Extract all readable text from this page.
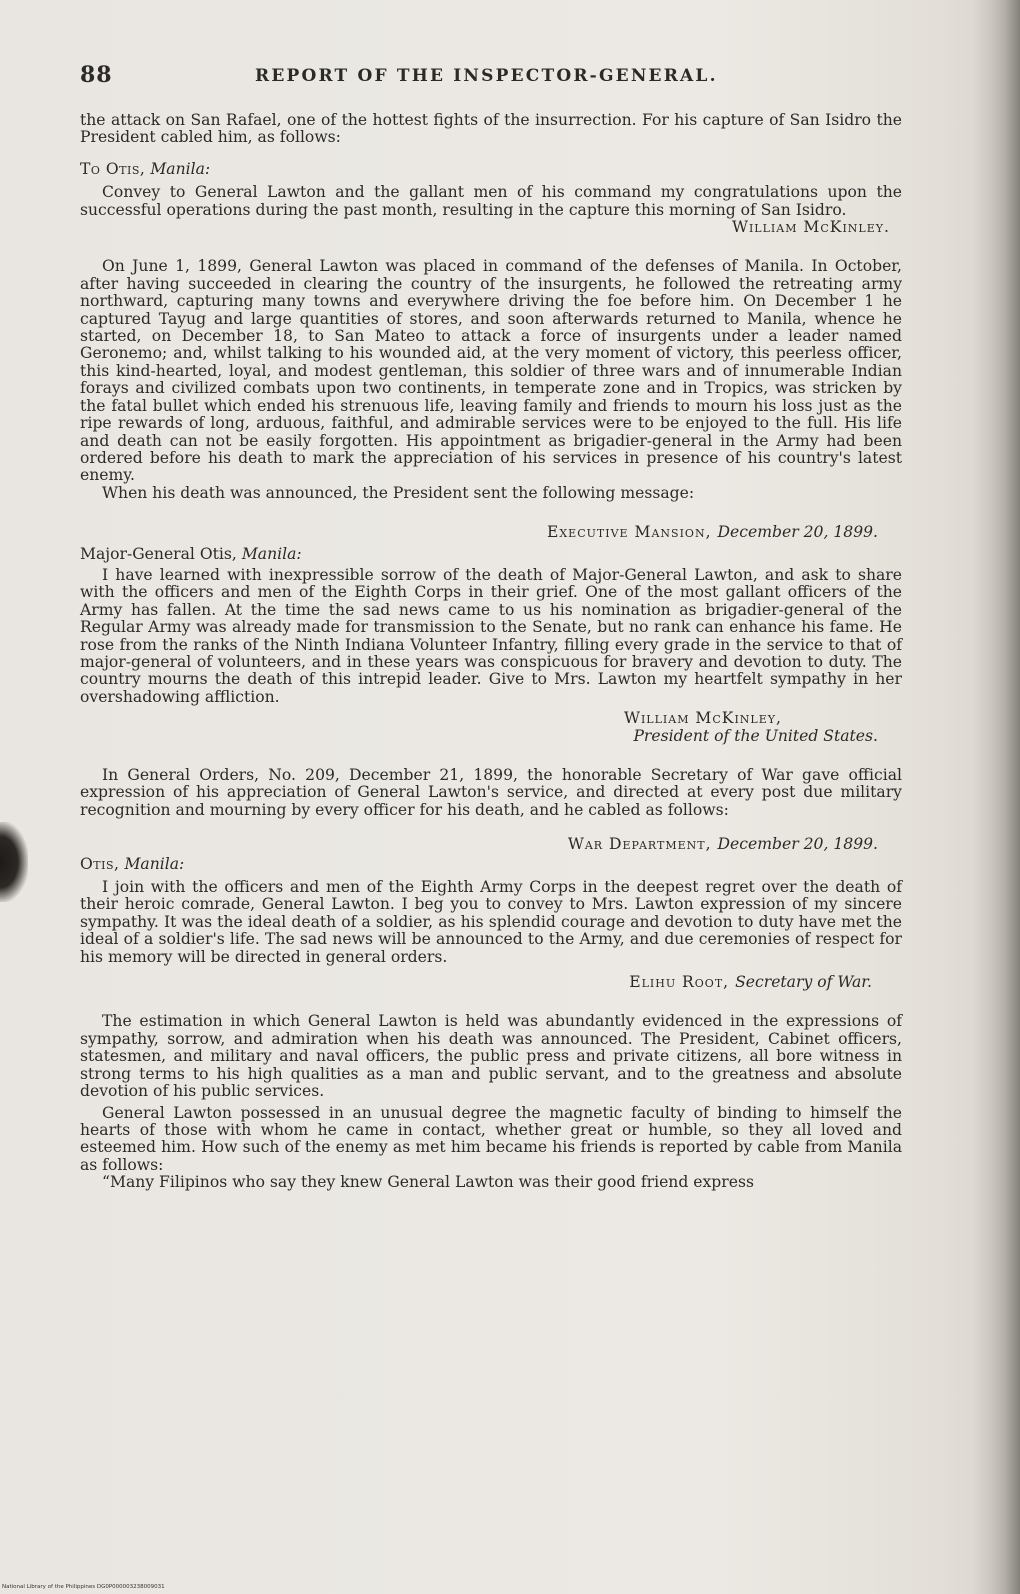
88	REPORT OF THE INSPECTOR-GENERAL.

the attack on San Rafael, one of the hottest fights of the insurrection. For his capture of San Isidro the President cabled him, as follows:

To Otis, Manila:

Convey to General Lawton and the gallant men of his command my congratulations upon the successful operations during the past month, resulting in the capture this morning of San Isidro.

William McKinley.

On June 1, 1899, General Lawton was placed in command of the defenses of Manila. In October, after having succeeded in clearing the country of the insurgents, he followed the retreating army northward, capturing many towns and everywhere driving the foe before him. On December 1 he captured Tayug and large quantities of stores, and soon afterwards returned to Manila, whence he started, on December 18, to San Mateo to attack a force of insurgents under a leader named Geronemo; and, whilst talking to his wounded aid, at the very moment of victory, this peerless officer, this kind-hearted, loyal, and modest gentleman, this soldier of three wars and of innumerable Indian forays and civilized combats upon two continents, in temperate zone and in Tropics, was stricken by the fatal bullet which ended his strenuous life, leaving family and friends to mourn his loss just as the ripe rewards of long, arduous, faithful, and admirable services were to be enjoyed to the full. His life and death can not be easily forgotten. His appointment as brigadier-general in the Army had been ordered before his death to mark the appreciation of his services in presence of his country's latest enemy.

When his death was announced, the President sent the following message:

Executive Mansion, December 20, 1899.

Major-General Otis, Manila:

I have learned with inexpressible sorrow of the death of Major-General Lawton, and ask to share with the officers and men of the Eighth Corps in their grief. One of the most gallant officers of the Army has fallen. At the time the sad news came to us his nomination as brigadier-general of the Regular Army was already made for transmission to the Senate, but no rank can enhance his fame. He rose from the ranks of the Ninth Indiana Volunteer Infantry, filling every grade in the service to that of major-general of volunteers, and in these years was conspicuous for bravery and devotion to duty. The country mourns the death of this intrepid leader. Give to Mrs. Lawton my heartfelt sympathy in her overshadowing affliction.

William McKinley,

President of the United States.

In General Orders, No. 209, December 21, 1899, the honorable Secretary of War gave official expression of his appreciation of General Lawton's service, and directed at every post due military recognition and mourning by every officer for his death, and he cabled as follows:

War Department, December 20, 1899.

Otis, Manila:

I join with the officers and men of the Eighth Army Corps in the deepest regret over the death of their heroic comrade, General Lawton. I beg you to convey to Mrs. Lawton expression of my sincere sympathy. It was the ideal death of a soldier, as his splendid courage and devotion to duty have met the ideal of a soldier's life. The sad news will be announced to the Army, and due ceremonies of respect for his memory will be directed in general orders.

Elihu Root, Secretary of War.

The estimation in which General Lawton is held was abundantly evidenced in the expressions of sympathy, sorrow, and admiration when his death was announced. The President, Cabinet officers, statesmen, and military and naval officers, the public press and private citizens, all bore witness in strong terms to his high qualities as a man and public servant, and to the greatness and absolute devotion of his public services.

General Lawton possessed in an unusual degree the magnetic faculty of binding to himself the hearts of those with whom he came in contact, whether great or humble, so they all loved and esteemed him. How such of the enemy as met him became his friends is reported by cable from Manila as follows:

“Many Filipinos who say they knew General Lawton was their good friend express

National Library of the Philippines DG0P000003238009031
